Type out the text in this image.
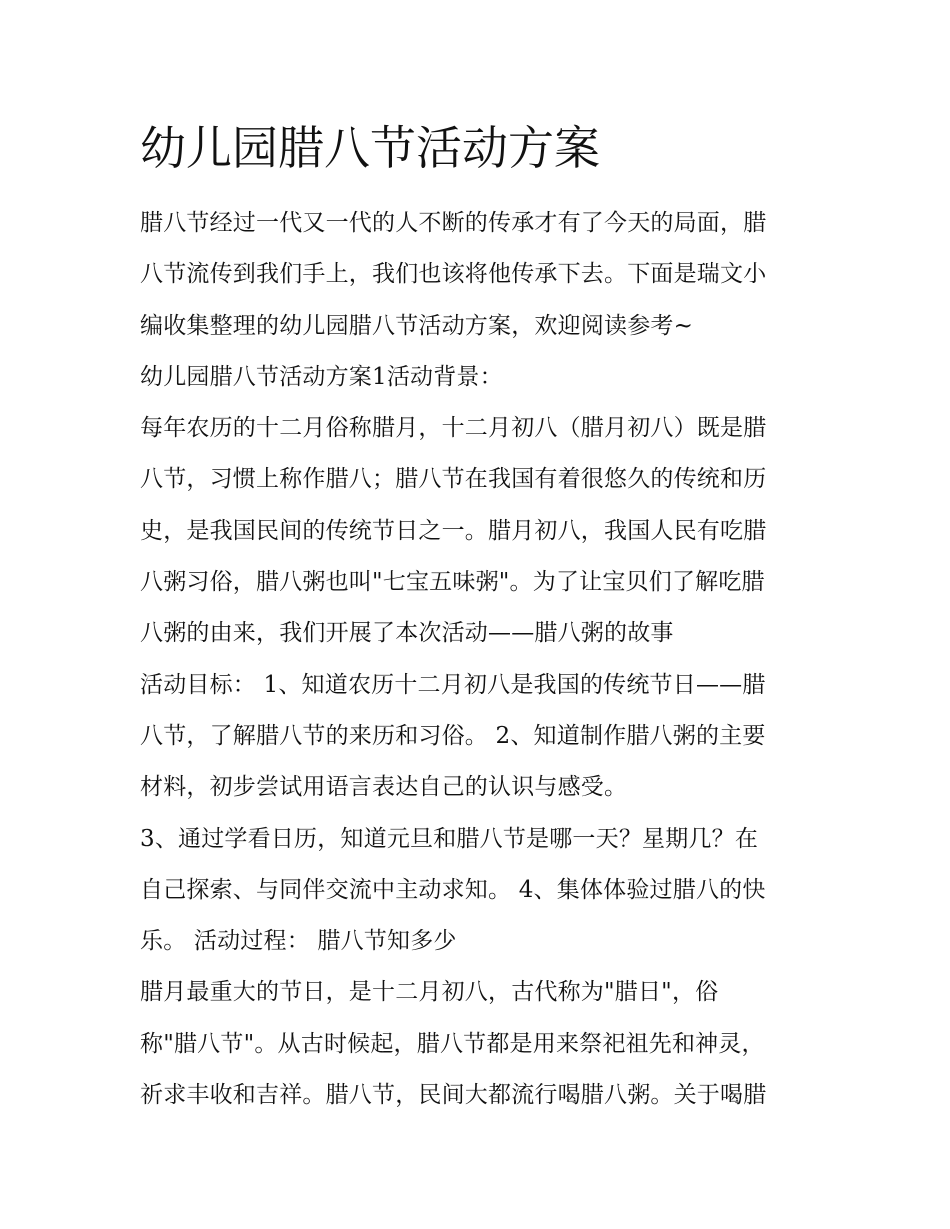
幼儿园腊八节活动方案
腊八节经过一代又一代的人不断的传承才有了今天的局面，腊
八节流传到我们手上，我们也该将他传承下去。下面是瑞文小
编收集整理的幼儿园腊八节活动方案，欢迎阅读参考~
幼儿园腊八节活动方案1活动背景：
每年农历的十二月俗称腊月，十二月初八（腊月初八）既是腊
八节，习惯上称作腊八；腊八节在我国有着很悠久的传统和历
史，是我国民间的传统节日之一。腊月初八，我国人民有吃腊
八粥习俗，腊八粥也叫"七宝五味粥"。为了让宝贝们了解吃腊
八粥的由来，我们开展了本次活动——腊八粥的故事
活动目标： 1、知道农历十二月初八是我国的传统节日——腊
八节，了解腊八节的来历和习俗。 2、知道制作腊八粥的主要
材料，初步尝试用语言表达自己的认识与感受。
3、通过学看日历，知道元旦和腊八节是哪一天？星期几？在
自己探索、与同伴交流中主动求知。 4、集体体验过腊八的快
乐。 活动过程： 腊八节知多少
腊月最重大的节日，是十二月初八，古代称为"腊日"，俗
称"腊八节"。从古时候起，腊八节都是用来祭祀祖先和神灵，
祈求丰收和吉祥。腊八节，民间大都流行喝腊八粥。关于喝腊
